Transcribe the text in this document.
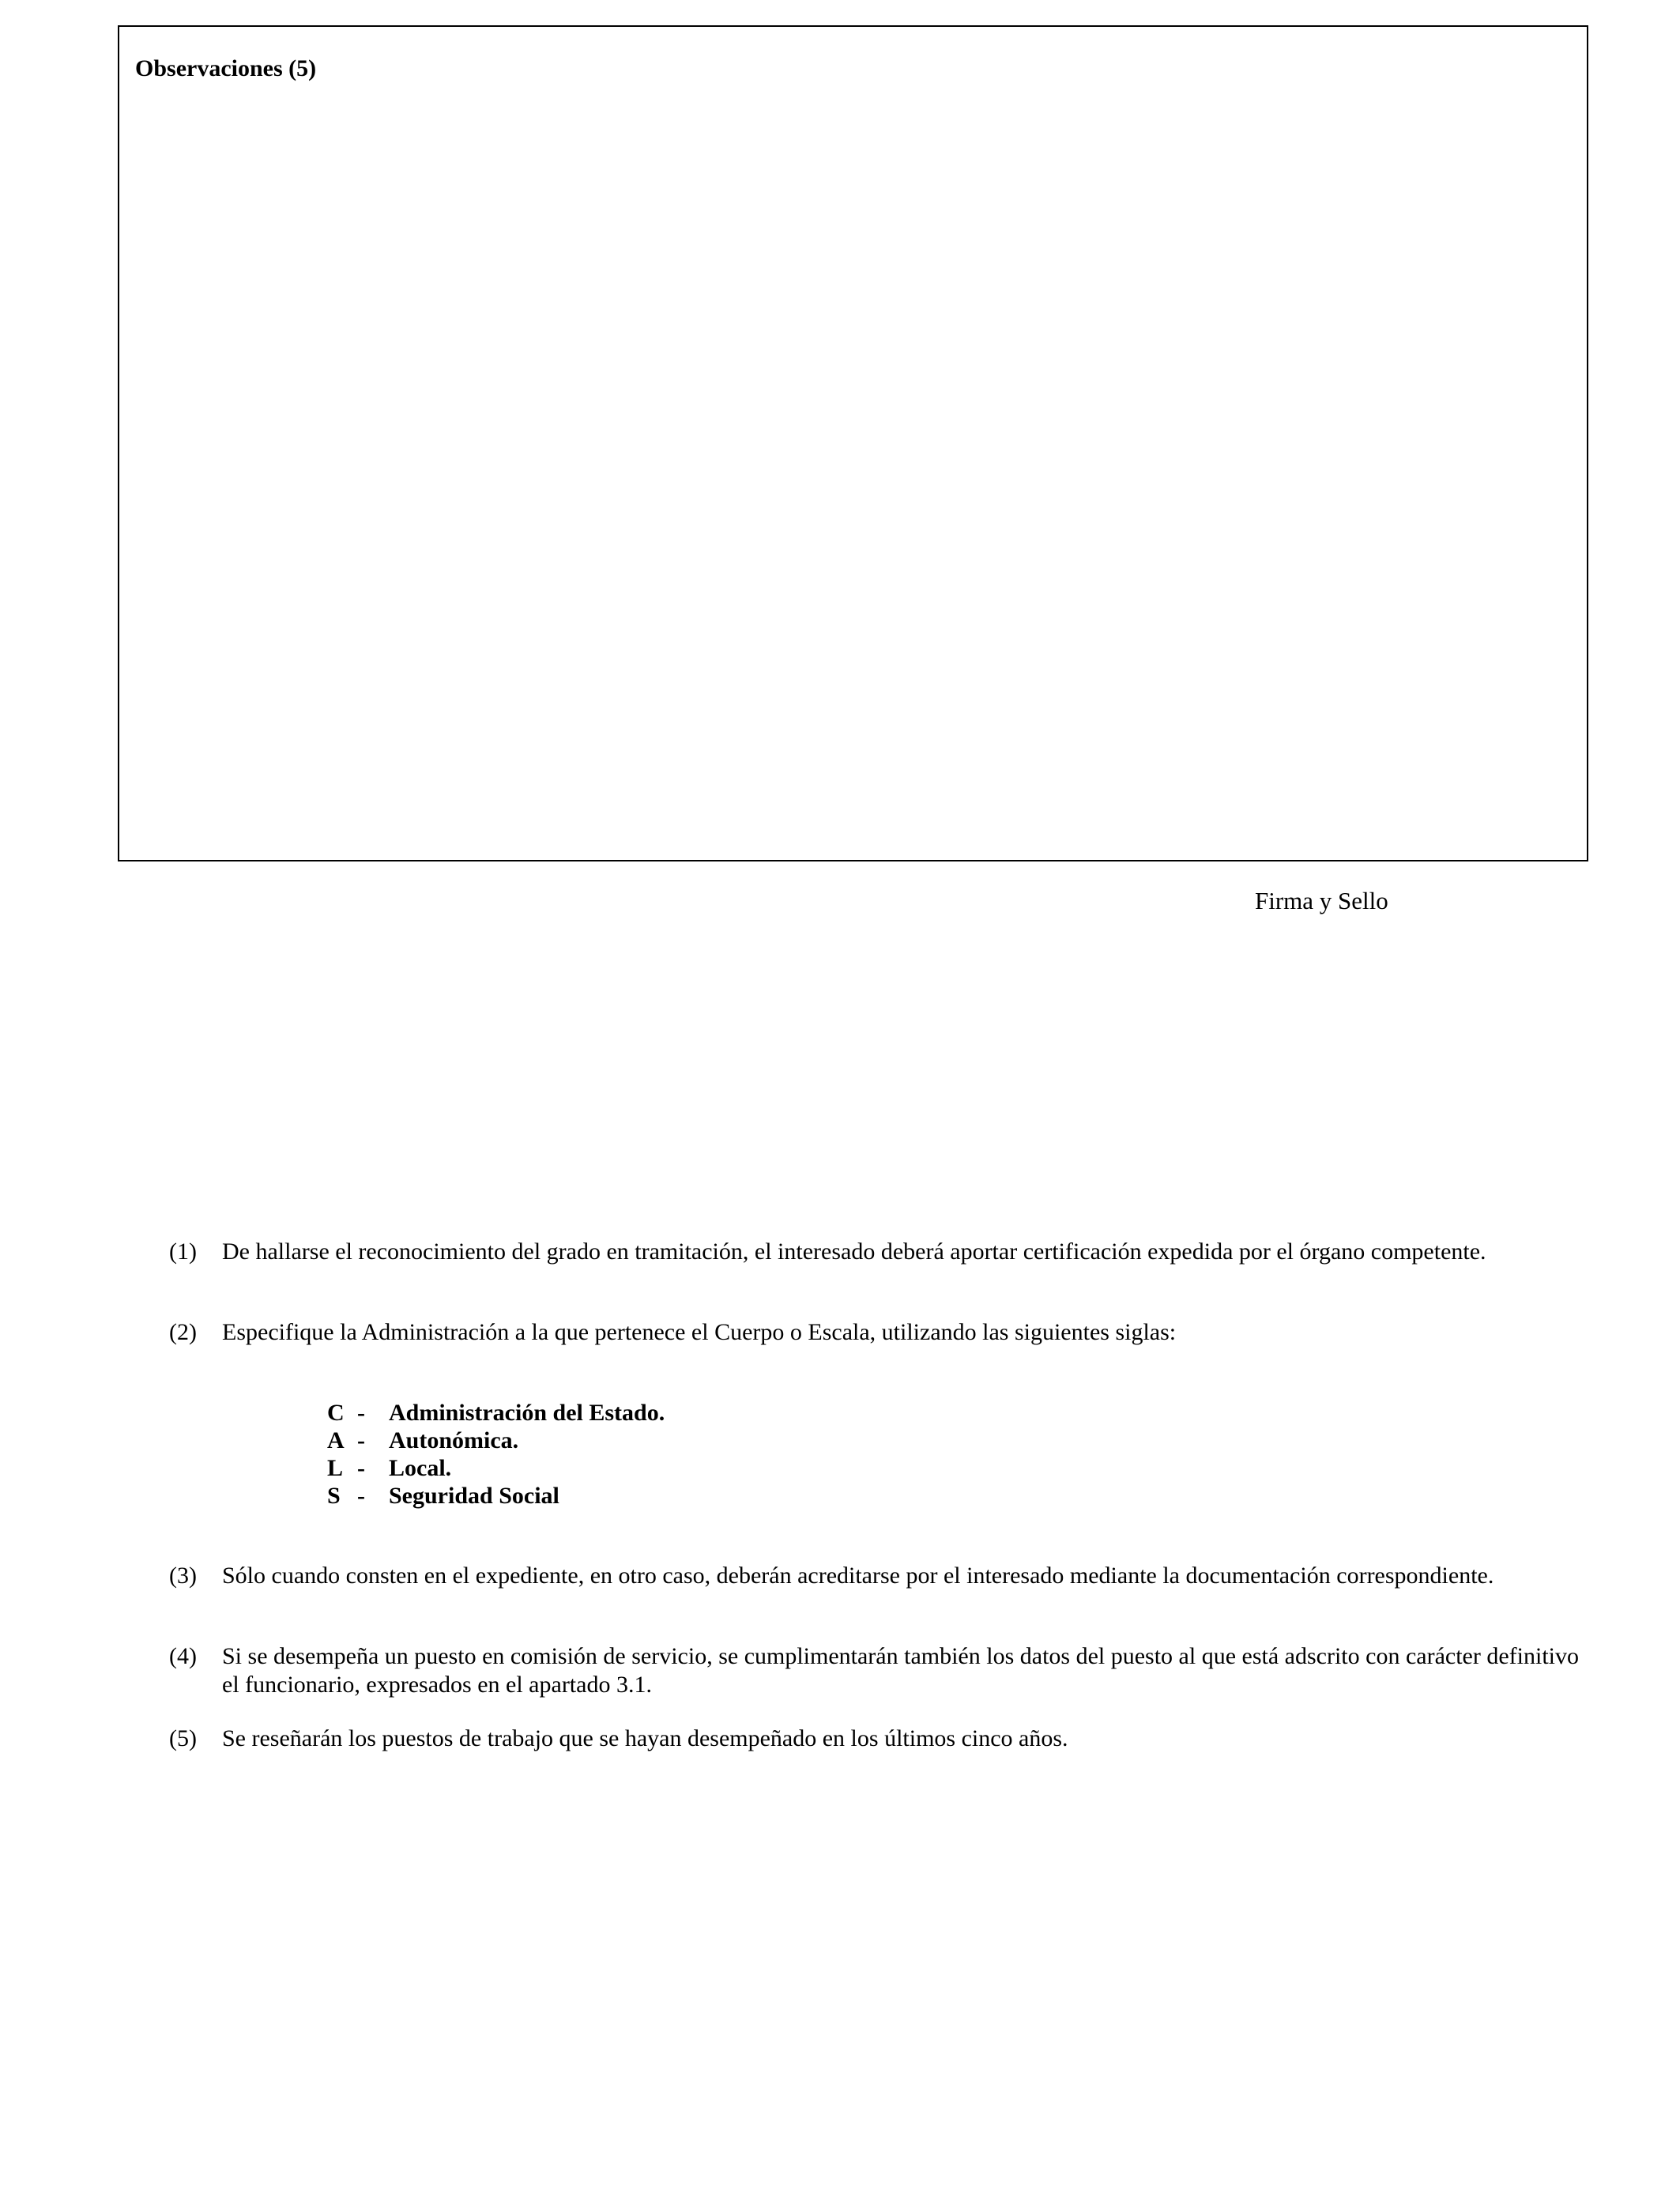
Observaciones (5)

Firma y Sello
(1)	De hallarse el reconocimiento del grado en tramitación, el interesado deberá aportar certificación expedida por el órgano competente.
(2)	Especifique la Administración a la que pertenece el Cuerpo o Escala, utilizando las siguientes siglas:
C -	Administración del Estado.
A -	Autonómica.
L -	Local.
S -	Seguridad Social
(3)	Sólo cuando consten en el expediente, en otro caso, deberán acreditarse por el interesado mediante la documentación correspondiente.
(4)	Si se desempeña un puesto en comisión de servicio, se cumplimentarán también los datos del puesto al que está adscrito con carácter definitivo el funcionario, expresados en el apartado 3.1.
(5)	Se reseñarán los puestos de trabajo que se hayan desempeñado en los últimos cinco años.
